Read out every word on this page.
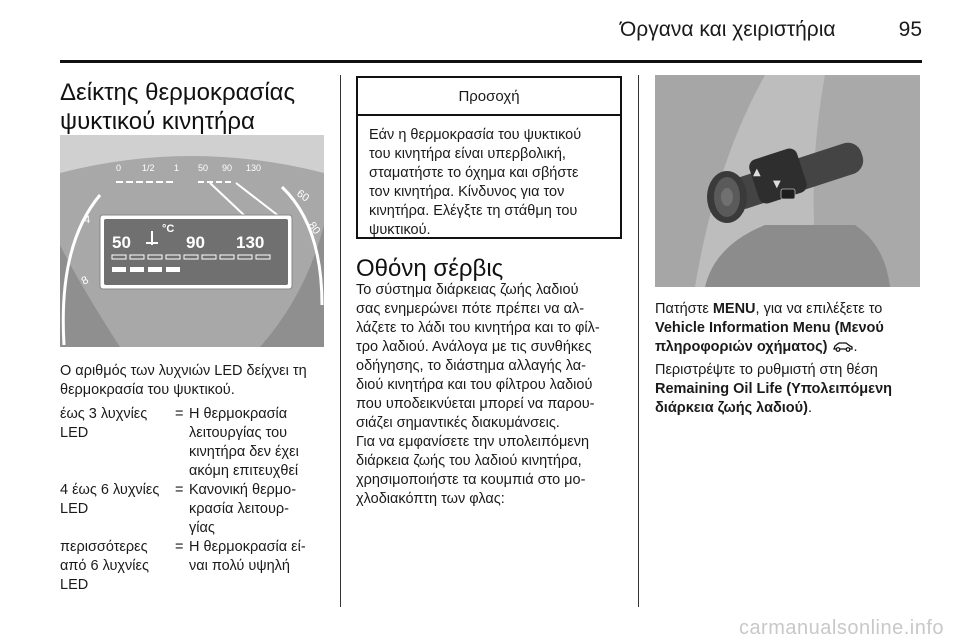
Όργανα και χειριστήρια	95
Δείκτης θερμοκρασίας
ψυκτικού κινητήρα
0 1/2 1 50 90 130
60
80
4
8
50
°C
90 130
Ο αριθμός των λυχνιών LED δείχνει τη
θερμοκρασία του ψυκτικού.
έως 3 λυχνίες
LED
= Η θερμοκρασία
λειτουργίας του
κινητήρα δεν έχει
ακόμη επιτευχθεί
4 έως 6 λυχνίες
LED
= Κανονική θερμο-
κρασία λειτουρ-
γίας
περισσότερες
από 6 λυχνίες
LED
= Η θερμοκρασία εί-
ναι πολύ υψηλή
Προσοχή
Εάν η θερμοκρασία του ψυκτικού
του κινητήρα είναι υπερβολική,
σταματήστε το όχημα και σβήστε
τον κινητήρα. Κίνδυνος για τον
κινητήρα. Ελέγξτε τη στάθμη του
ψυκτικού.
Οθόνη σέρβις
Το σύστημα διάρκειας ζωής λαδιού
σας ενημερώνει πότε πρέπει να αλ-
λάζετε το λάδι του κινητήρα και το φίλ-
τρο λαδιού. Ανάλογα με τις συνθήκες
οδήγησης, το διάστημα αλλαγής λα-
διού κινητήρα και του φίλτρου λαδιού
που υποδεικνύεται μπορεί να παρου-
σιάζει σημαντικές διακυμάνσεις.
Για να εμφανίσετε την υπολειπόμενη
διάρκεια ζωής του λαδιού κινητήρα,
χρησιμοποιήστε τα κουμπιά στο μο-
χλοδιακόπτη των φλας:
▲
▼
Πατήστε MENU, για να επιλέξετε το
Vehicle Information Menu (Μενού
πληροφοριών οχήματος) .
Περιστρέψτε το ρυθμιστή στη θέση
Remaining Oil Life (Υπολειπόμενη
διάρκεια ζωής λαδιού).
carmanualsonline.info
